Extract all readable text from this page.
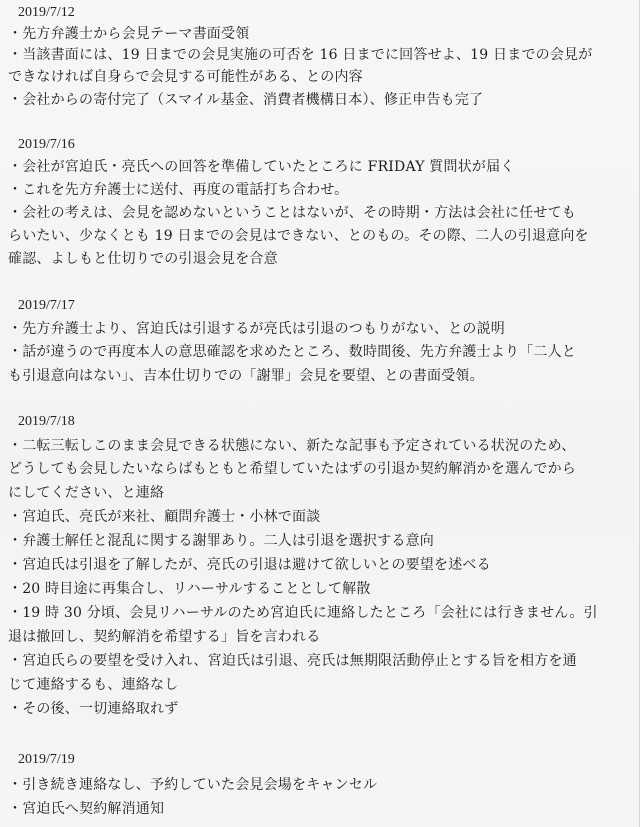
2019/7/12
・先方弁護士から会見テーマ書面受領
・当該書面には、19 日までの会見実施の可否を 16 日までに回答せよ、19 日までの会見が
できなければ自身らで会見する可能性がある、との内容
・会社からの寄付完了（スマイル基金、消費者機構日本）、修正申告も完了
2019/7/16
・会社が宮迫氏・亮氏への回答を準備していたところに FRIDAY 質問状が届く
・これを先方弁護士に送付、再度の電話打ち合わせ。
・会社の考えは、会見を認めないということはないが、その時期・方法は会社に任せても
らいたい、少なくとも 19 日までの会見はできない、とのもの。その際、二人の引退意向を
確認、よしもと仕切りでの引退会見を合意
2019/7/17
・先方弁護士より、宮迫氏は引退するが亮氏は引退のつもりがない、との説明
・話が違うので再度本人の意思確認を求めたところ、数時間後、先方弁護士より「二人と
も引退意向はない」、吉本仕切りでの「謝罪」会見を要望、との書面受領。
2019/7/18
・二転三転しこのまま会見できる状態にない、新たな記事も予定されている状況のため、
どうしても会見したいならばもともと希望していたはずの引退か契約解消かを選んでから
にしてください、と連絡
・宮迫氏、亮氏が来社、顧問弁護士・小林で面談
・弁護士解任と混乱に関する謝罪あり。二人は引退を選択する意向
・宮迫氏は引退を了解したが、亮氏の引退は避けて欲しいとの要望を述べる
・20 時目途に再集合し、リハーサルすることとして解散
・19 時 30 分頃、会見リハーサルのため宮迫氏に連絡したところ「会社には行きません。引
退は撤回し、契約解消を希望する」旨を言われる
・宮迫氏らの要望を受け入れ、宮迫氏は引退、亮氏は無期限活動停止とする旨を相方を通
じて連絡するも、連絡なし
・その後、一切連絡取れず
2019/7/19
・引き続き連絡なし、予約していた会見会場をキャンセル
・宮迫氏へ契約解消通知
